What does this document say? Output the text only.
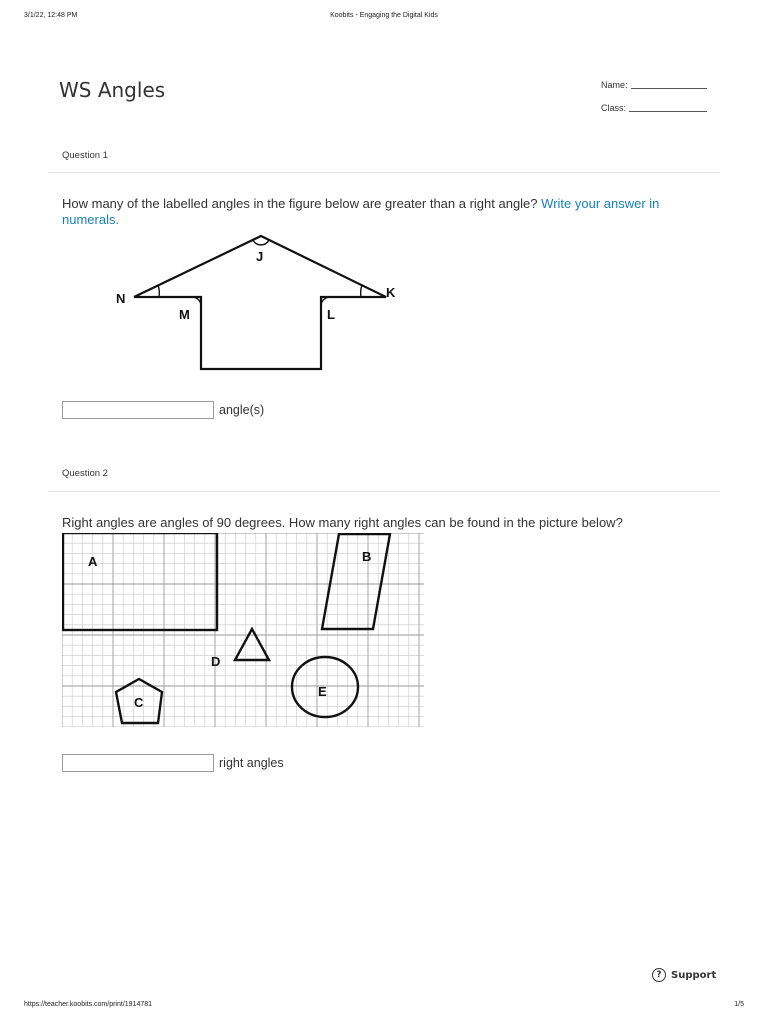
3/1/22, 12:48 PM	Koobits - Engaging the Digital Kids
WS Angles	Name:
Class:
Question 1

How many of the labelled angles in the figure below are greater than a right angle? Write your answer in numerals.

J
N
M	L
K
angle(s)
Question 2

Right angles are angles of 90 degrees. How many right angles can be found in the picture below?

A	B
C
D
E
right angles
? Support
https://teacher.koobits.com/print/1914781	1/5
